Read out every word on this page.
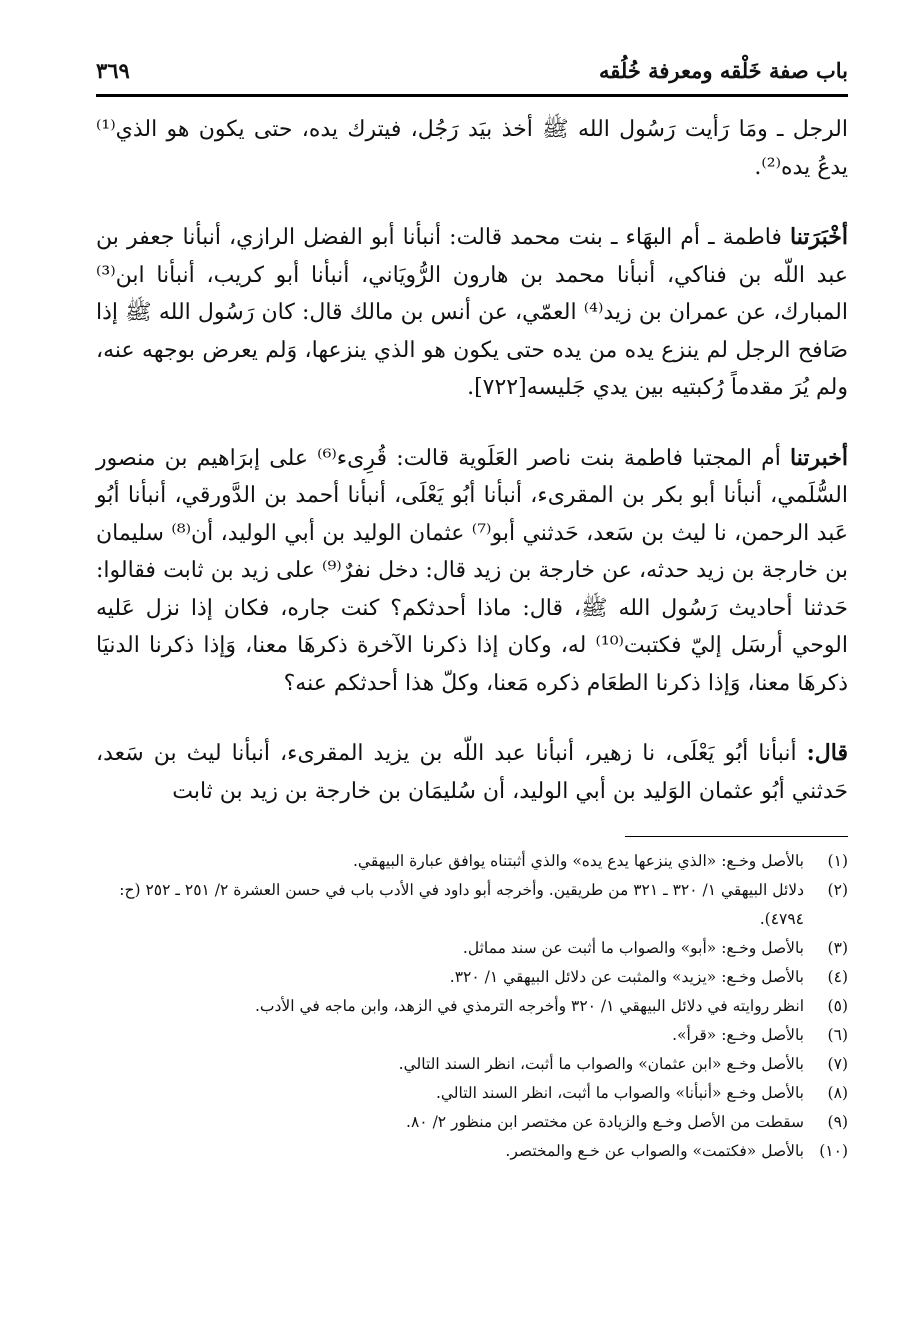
باب صفة خَلْقه ومعرفة خُلُقه
٣٦٩

الرجل ـ ومَا رَأيت رَسُول الله ﷺ أخذ بيَد رَجُل، فيترك يده، حتى يكون هو الذي⁽¹⁾ يدعُ يده⁽²⁾.

أخْبَرَتنا فاطمة ـ أم البهَاء ـ بنت محمد قالت: أنبأنا أبو الفضل الرازي، أنبأنا جعفر بن عبد اللّه بن فناكي، أنبأنا محمد بن هارون الرُّويَاني، أنبأنا أبو كريب، أنبأنا ابن⁽³⁾ المبارك، عن عمران بن زيد⁽⁴⁾ العمّي، عن أنس بن مالك قال: كان رَسُول الله ﷺ إذا صَافح الرجل لم ينزع يده من يده حتى يكون هو الذي ينزعها، وَلم يعرض بوجهه عنه، ولم يُرَ مقدماً رُكبتيه بين يدي جَليسه[٧٢٢].

أخبرتنا أم المجتبا فاطمة بنت ناصر العَلَوية قالت: قُرِىء⁽⁶⁾ على إبرَاهيم بن منصور السُّلَمي، أنبأنا أبو بكر بن المقرىء، أنبأنا أبُو يَعْلَى، أنبأنا أحمد بن الدَّورقي، أنبأنا أبُو عَبد الرحمن، نا ليث بن سَعد، حَدثني أبو⁽⁷⁾ عثمان الوليد بن أبي الوليد، أن⁽⁸⁾ سليمان بن خارجة بن زيد حدثه، عن خارجة بن زيد قال: دخل نفرٌ⁽⁹⁾ على زيد بن ثابت فقالوا: حَدثنا أحاديث رَسُول الله ﷺ، قال: ماذا أحدثكم؟ كنت جاره، فكان إذا نزل عَليه الوحي أرسَل إليّ فكتبت⁽¹⁰⁾ له، وكان إذا ذكرنا الآخرة ذكرهَا معنا، وَإذا ذكرنا الدنيَا ذكرهَا معنا، وَإذا ذكرنا الطعَام ذكره مَعنا، وكلّ هذا أحدثكم عنه؟

قال: أنبأنا أبُو يَعْلَى، نا زهير، أنبأنا عبد اللّه بن يزيد المقرىء، أنبأنا ليث بن سَعد، حَدثني أبُو عثمان الوَليد بن أبي الوليد، أن سُليمَان بن خارجة بن زيد بن ثابت

(١)
بالأصل وخـع: «الذي ينزعها يدع يده» والذي أثبتناه يوافق عبارة البيهقي.
(٢)
دلائل البيهقي ١/ ٣٢٠ ـ ٣٢١ من طريقين. وأخرجه أبو داود في الأدب باب في حسن العشرة ٢/ ٢٥١ ـ ٢٥٢ (ح: ٤٧٩٤).
(٣)
بالأصل وخـع: «أبو» والصواب ما أثبت عن سند مماثل.
(٤)
بالأصل وخـع: «يزيد» والمثبت عن دلائل البيهقي ١/ ٣٢٠.
(٥)
انظر روايته في دلائل البيهقي ١/ ٣٢٠ وأخرجه الترمذي في الزهد، وابن ماجه في الأدب.
(٦)
بالأصل وخـع: «قرأ».
(٧)
بالأصل وخـع «ابن عثمان» والصواب ما أثبت، انظر السند التالي.
(٨)
بالأصل وخـع «أنبأنا» والصواب ما أثبت، انظر السند التالي.
(٩)
سقطت من الأصل وخـع والزيادة عن مختصر ابن منظور ٢/ ٨٠.
(١٠)
بالأصل «فكتمت» والصواب عن خـع والمختصر.
